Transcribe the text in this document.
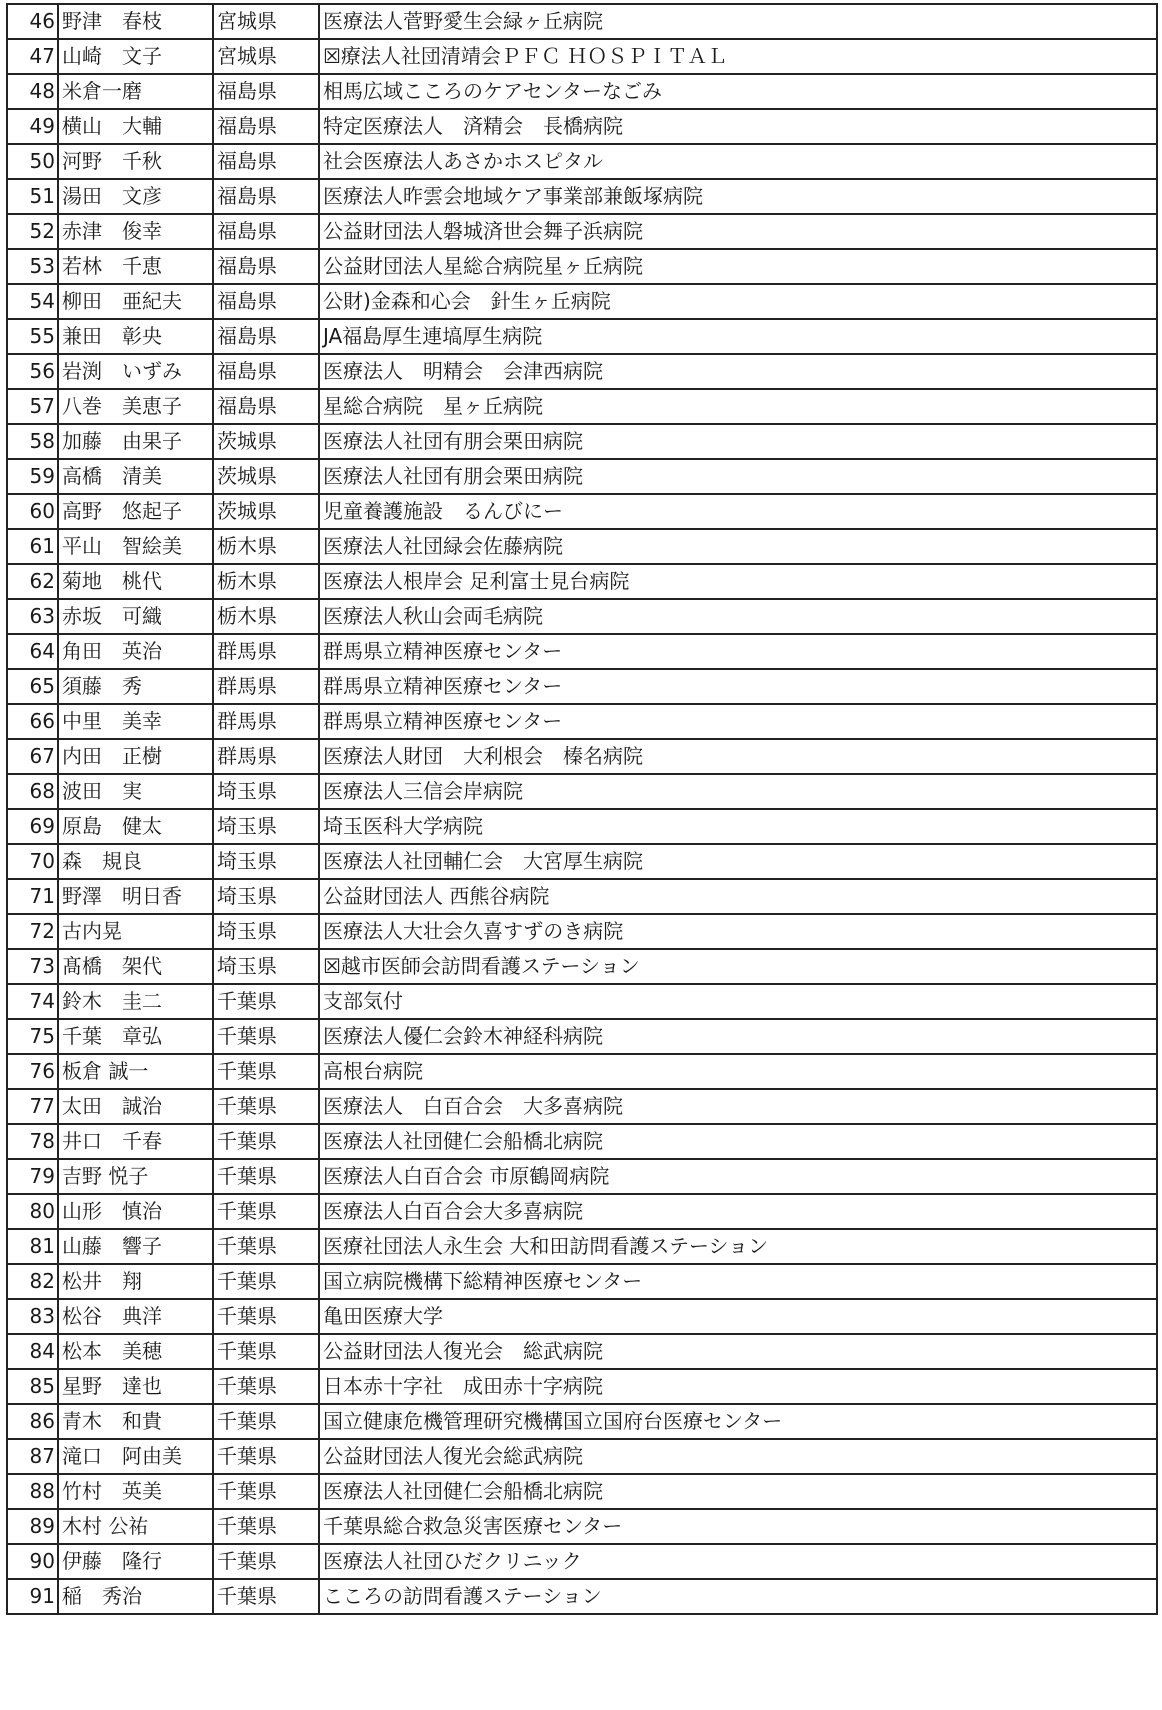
46	野津　春枝	宮城県	医療法人菅野愛生会緑ヶ丘病院
47	山崎　文子	宮城県	☒療法人社団清靖会ＰＦＣ ＨＯＳＰＩＴＡＬ
48	米倉一磨	福島県	相馬広域こころのケアセンターなごみ
49	横山　大輔	福島県	特定医療法人　済精会　長橋病院
50	河野　千秋	福島県	社会医療法人あさかホスピタル
51	湯田　文彦	福島県	医療法人昨雲会地域ケア事業部兼飯塚病院
52	赤津　俊幸	福島県	公益財団法人磐城済世会舞子浜病院
53	若林　千恵	福島県	公益財団法人星総合病院星ヶ丘病院
54	柳田　亜紀夫	福島県	公財)金森和心会　針生ヶ丘病院
55	兼田　彰央	福島県	JA福島厚生連塙厚生病院
56	岩渕　いずみ	福島県	医療法人　明精会　会津西病院
57	八巻　美恵子	福島県	星総合病院　星ヶ丘病院
58	加藤　由果子	茨城県	医療法人社団有朋会栗田病院
59	高橋　清美	茨城県	医療法人社団有朋会栗田病院
60	高野　悠起子	茨城県	児童養護施設　るんびにー
61	平山　智絵美	栃木県	医療法人社団緑会佐藤病院
62	菊地　桃代	栃木県	医療法人根岸会 足利富士見台病院
63	赤坂　可織	栃木県	医療法人秋山会両毛病院
64	角田　英治	群馬県	群馬県立精神医療センター
65	須藤　秀	群馬県	群馬県立精神医療センター
66	中里　美幸	群馬県	群馬県立精神医療センター
67	内田　正樹	群馬県	医療法人財団　大利根会　榛名病院
68	波田　実	埼玉県	医療法人三信会岸病院
69	原島　健太	埼玉県	埼玉医科大学病院
70	森　規良	埼玉県	医療法人社団輔仁会　大宮厚生病院
71	野澤　明日香	埼玉県	公益財団法人 西熊谷病院
72	古内晃	埼玉県	医療法人大壮会久喜すずのき病院
73	髙橋　架代	埼玉県	☒越市医師会訪問看護ステーション
74	鈴木　圭二	千葉県	支部気付
75	千葉　章弘	千葉県	医療法人優仁会鈴木神経科病院
76	板倉 誠一	千葉県	高根台病院
77	太田　誠治	千葉県	医療法人　白百合会　大多喜病院
78	井口　千春	千葉県	医療法人社団健仁会船橋北病院
79	吉野 悦子	千葉県	医療法人白百合会 市原鶴岡病院
80	山形　慎治	千葉県	医療法人白百合会大多喜病院
81	山藤　響子	千葉県	医療社団法人永生会 大和田訪問看護ステーション
82	松井　翔	千葉県	国立病院機構下総精神医療センター
83	松谷　典洋	千葉県	亀田医療大学
84	松本　美穂	千葉県	公益財団法人復光会　総武病院
85	星野　達也	千葉県	日本赤十字社　成田赤十字病院
86	青木　和貴	千葉県	国立健康危機管理研究機構国立国府台医療センター
87	滝口　阿由美	千葉県	公益財団法人復光会総武病院
88	竹村　英美	千葉県	医療法人社団健仁会船橋北病院
89	木村 公祐	千葉県	千葉県総合救急災害医療センター
90	伊藤　隆行	千葉県	医療法人社団ひだクリニック
91	稲　秀治	千葉県	こころの訪問看護ステーション
